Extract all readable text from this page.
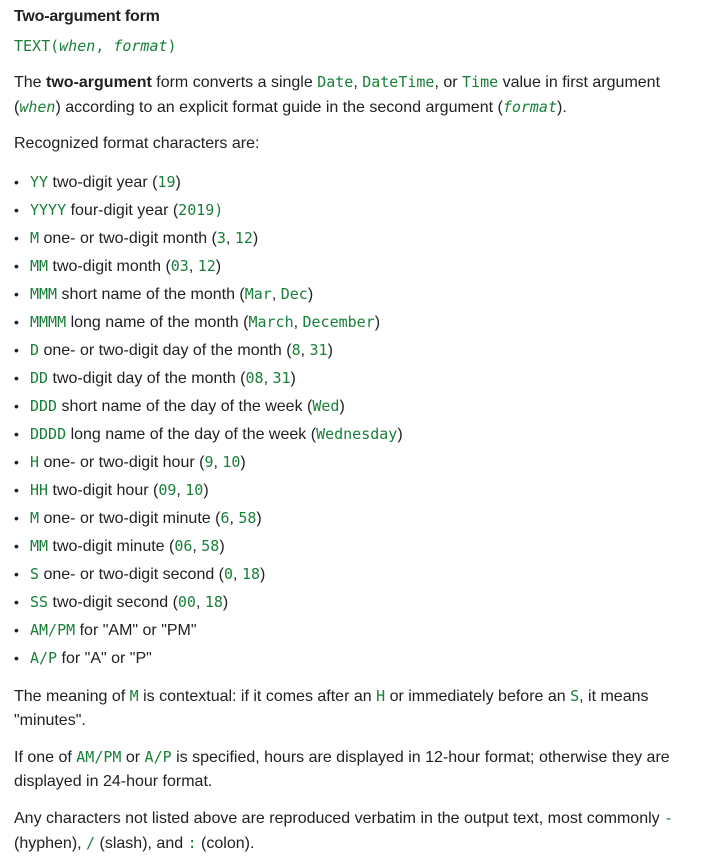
Two-argument form
TEXT(when, format)

The two-argument form converts a single Date, DateTime, or Time value in first argument (when) according to an explicit format guide in the second argument (format).

Recognized format characters are:

• YY two-digit year (19)
• YYYY four-digit year (2019)
• M one- or two-digit month (3, 12)
• MM two-digit month (03, 12)
• MMM short name of the month (Mar, Dec)
• MMMM long name of the month (March, December)
• D one- or two-digit day of the month (8, 31)
• DD two-digit day of the month (08, 31)
• DDD short name of the day of the week (Wed)
• DDDD long name of the day of the week (Wednesday)
• H one- or two-digit hour (9, 10)
• HH two-digit hour (09, 10)
• M one- or two-digit minute (6, 58)
• MM two-digit minute (06, 58)
• S one- or two-digit second (0, 18)
• SS two-digit second (00, 18)
• AM/PM for "AM" or "PM"
• A/P for "A" or "P"

The meaning of M is contextual: if it comes after an H or immediately before an S, it means "minutes".

If one of AM/PM or A/P is specified, hours are displayed in 12-hour format; otherwise they are displayed in 24-hour format.

Any characters not listed above are reproduced verbatim in the output text, most commonly - (hyphen), / (slash), and : (colon).
